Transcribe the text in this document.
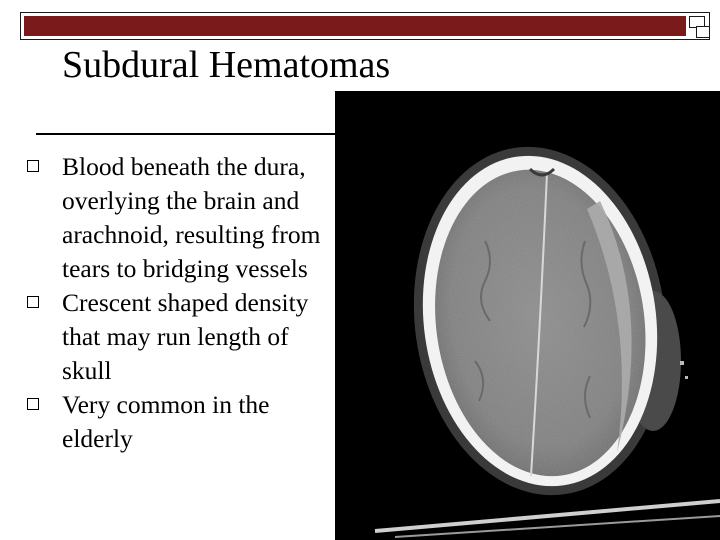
Subdural Hematomas
Blood beneath the dura, overlying the brain and arachnoid, resulting from tears to bridging vessels
Crescent shaped density that may run length of skull
Very common in the elderly
